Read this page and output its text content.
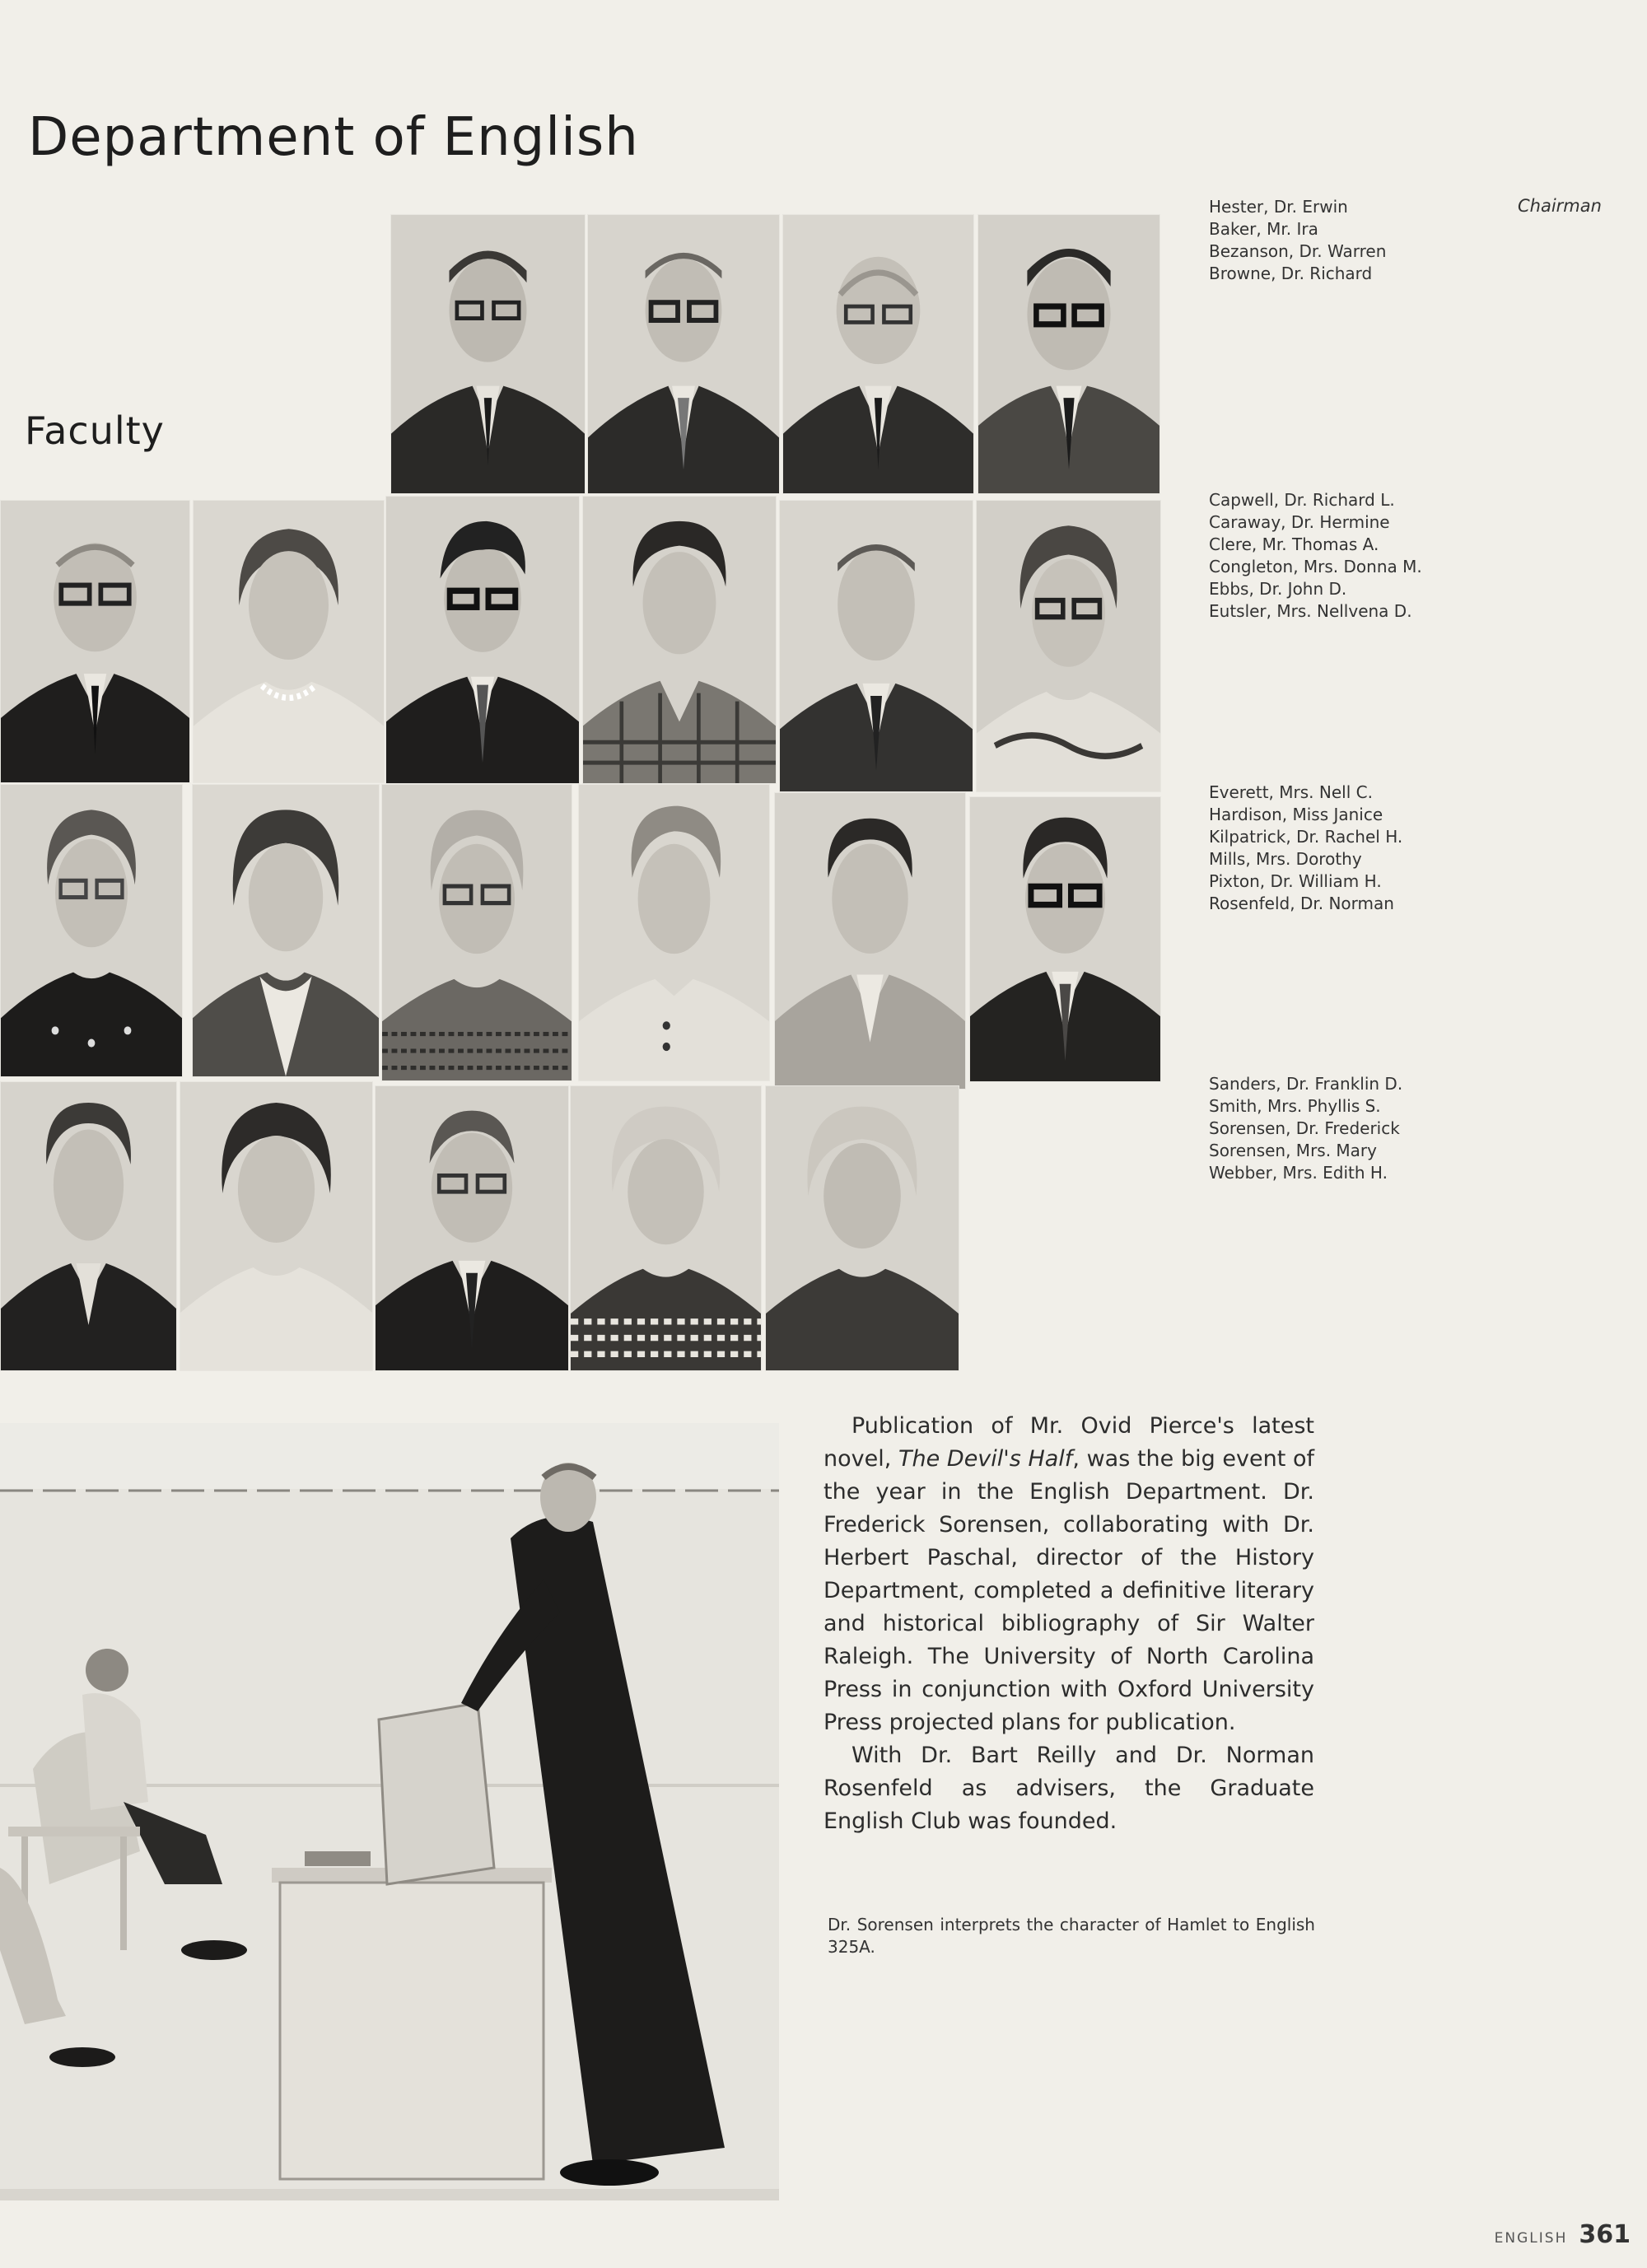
Department of English
Faculty
Hester, Dr. Erwin
Baker, Mr. Ira
Bezanson, Dr. Warren
Browne, Dr. Richard
Chairman
Capwell, Dr. Richard L.
Caraway, Dr. Hermine
Clere, Mr. Thomas A.
Congleton, Mrs. Donna M.
Ebbs, Dr. John D.
Eutsler, Mrs. Nellvena D.
Everett, Mrs. Nell C.
Hardison, Miss Janice
Kilpatrick, Dr. Rachel H.
Mills, Mrs. Dorothy
Pixton, Dr. William H.
Rosenfeld, Dr. Norman
Sanders, Dr. Franklin D.
Smith, Mrs. Phyllis S.
Sorensen, Dr. Frederick
Sorensen, Mrs. Mary
Webber, Mrs. Edith H.

Publication of Mr. Ovid Pierce's latest novel, The Devil's Half, was the big event of the year in the English Department. Dr. Frederick Sorensen, collaborating with Dr. Herbert Paschal, director of the History Department, completed a definitive literary and historical bibliography of Sir Walter Raleigh. The University of North Carolina Press in conjunction with Oxford University Press projected plans for publication.

With Dr. Bart Reilly and Dr. Norman Rosenfeld as advisers, the Graduate English Club was founded.

Dr. Sorensen interprets the character of Hamlet to English 325A.
ENGLISH 361
